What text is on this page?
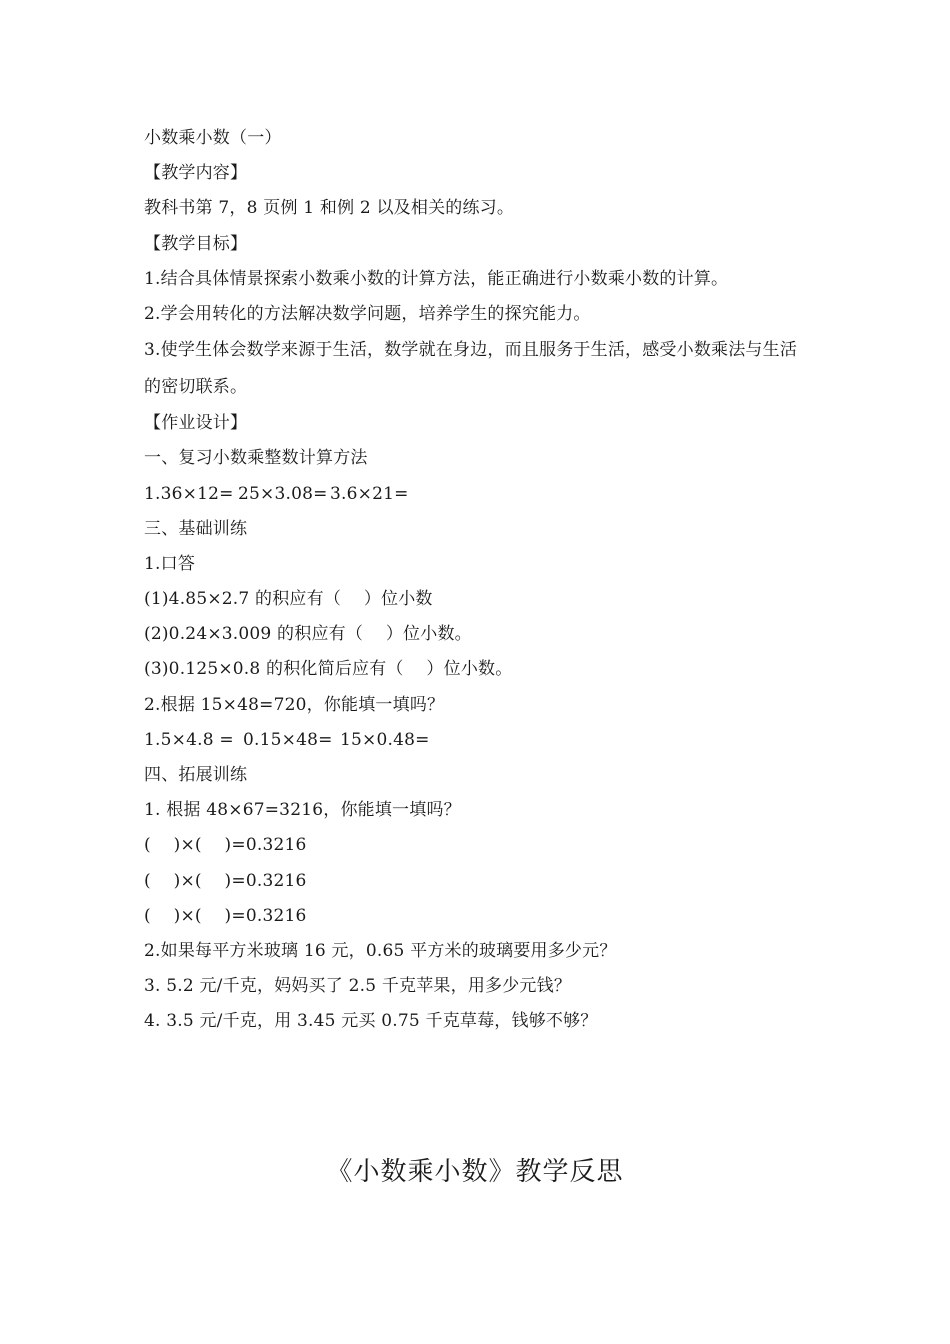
小数乘小数（一）
【教学内容】
教科书第 7，8 页例 1 和例 2 以及相关的练习。
【教学目标】
1.结合具体情景探索小数乘小数的计算方法，能正确进行小数乘小数的计算。
2.学会用转化的方法解决数学问题，培养学生的探究能力。
3.使学生体会数学来源于生活，数学就在身边，而且服务于生活，感受小数乘法与生活的密切联系。
【作业设计】
一、复习小数乘整数计算方法
1.36×12= 25×3.08= 3.6×21=
三、基础训练
1.口答
(1)4.85×2.7 的积应有（　 ）位小数
(2)0.24×3.009 的积应有（　 ）位小数。
(3)0.125×0.8 的积化简后应有（　 ）位小数。
2.根据 15×48=720，你能填一填吗？
1.5×4.8 = 0.15×48= 15×0.48=
四、拓展训练
1. 根据 48×67=3216，你能填一填吗？
(　 )×(　 )=0.3216
(　 )×(　 )=0.3216
(　 )×(　 )=0.3216
2.如果每平方米玻璃 16 元，0.65 平方米的玻璃要用多少元？
3. 5.2 元/千克，妈妈买了 2.5 千克苹果，用多少元钱？
4. 3.5 元/千克，用 3.45 元买 0.75 千克草莓，钱够不够？
《小数乘小数》教学反思
